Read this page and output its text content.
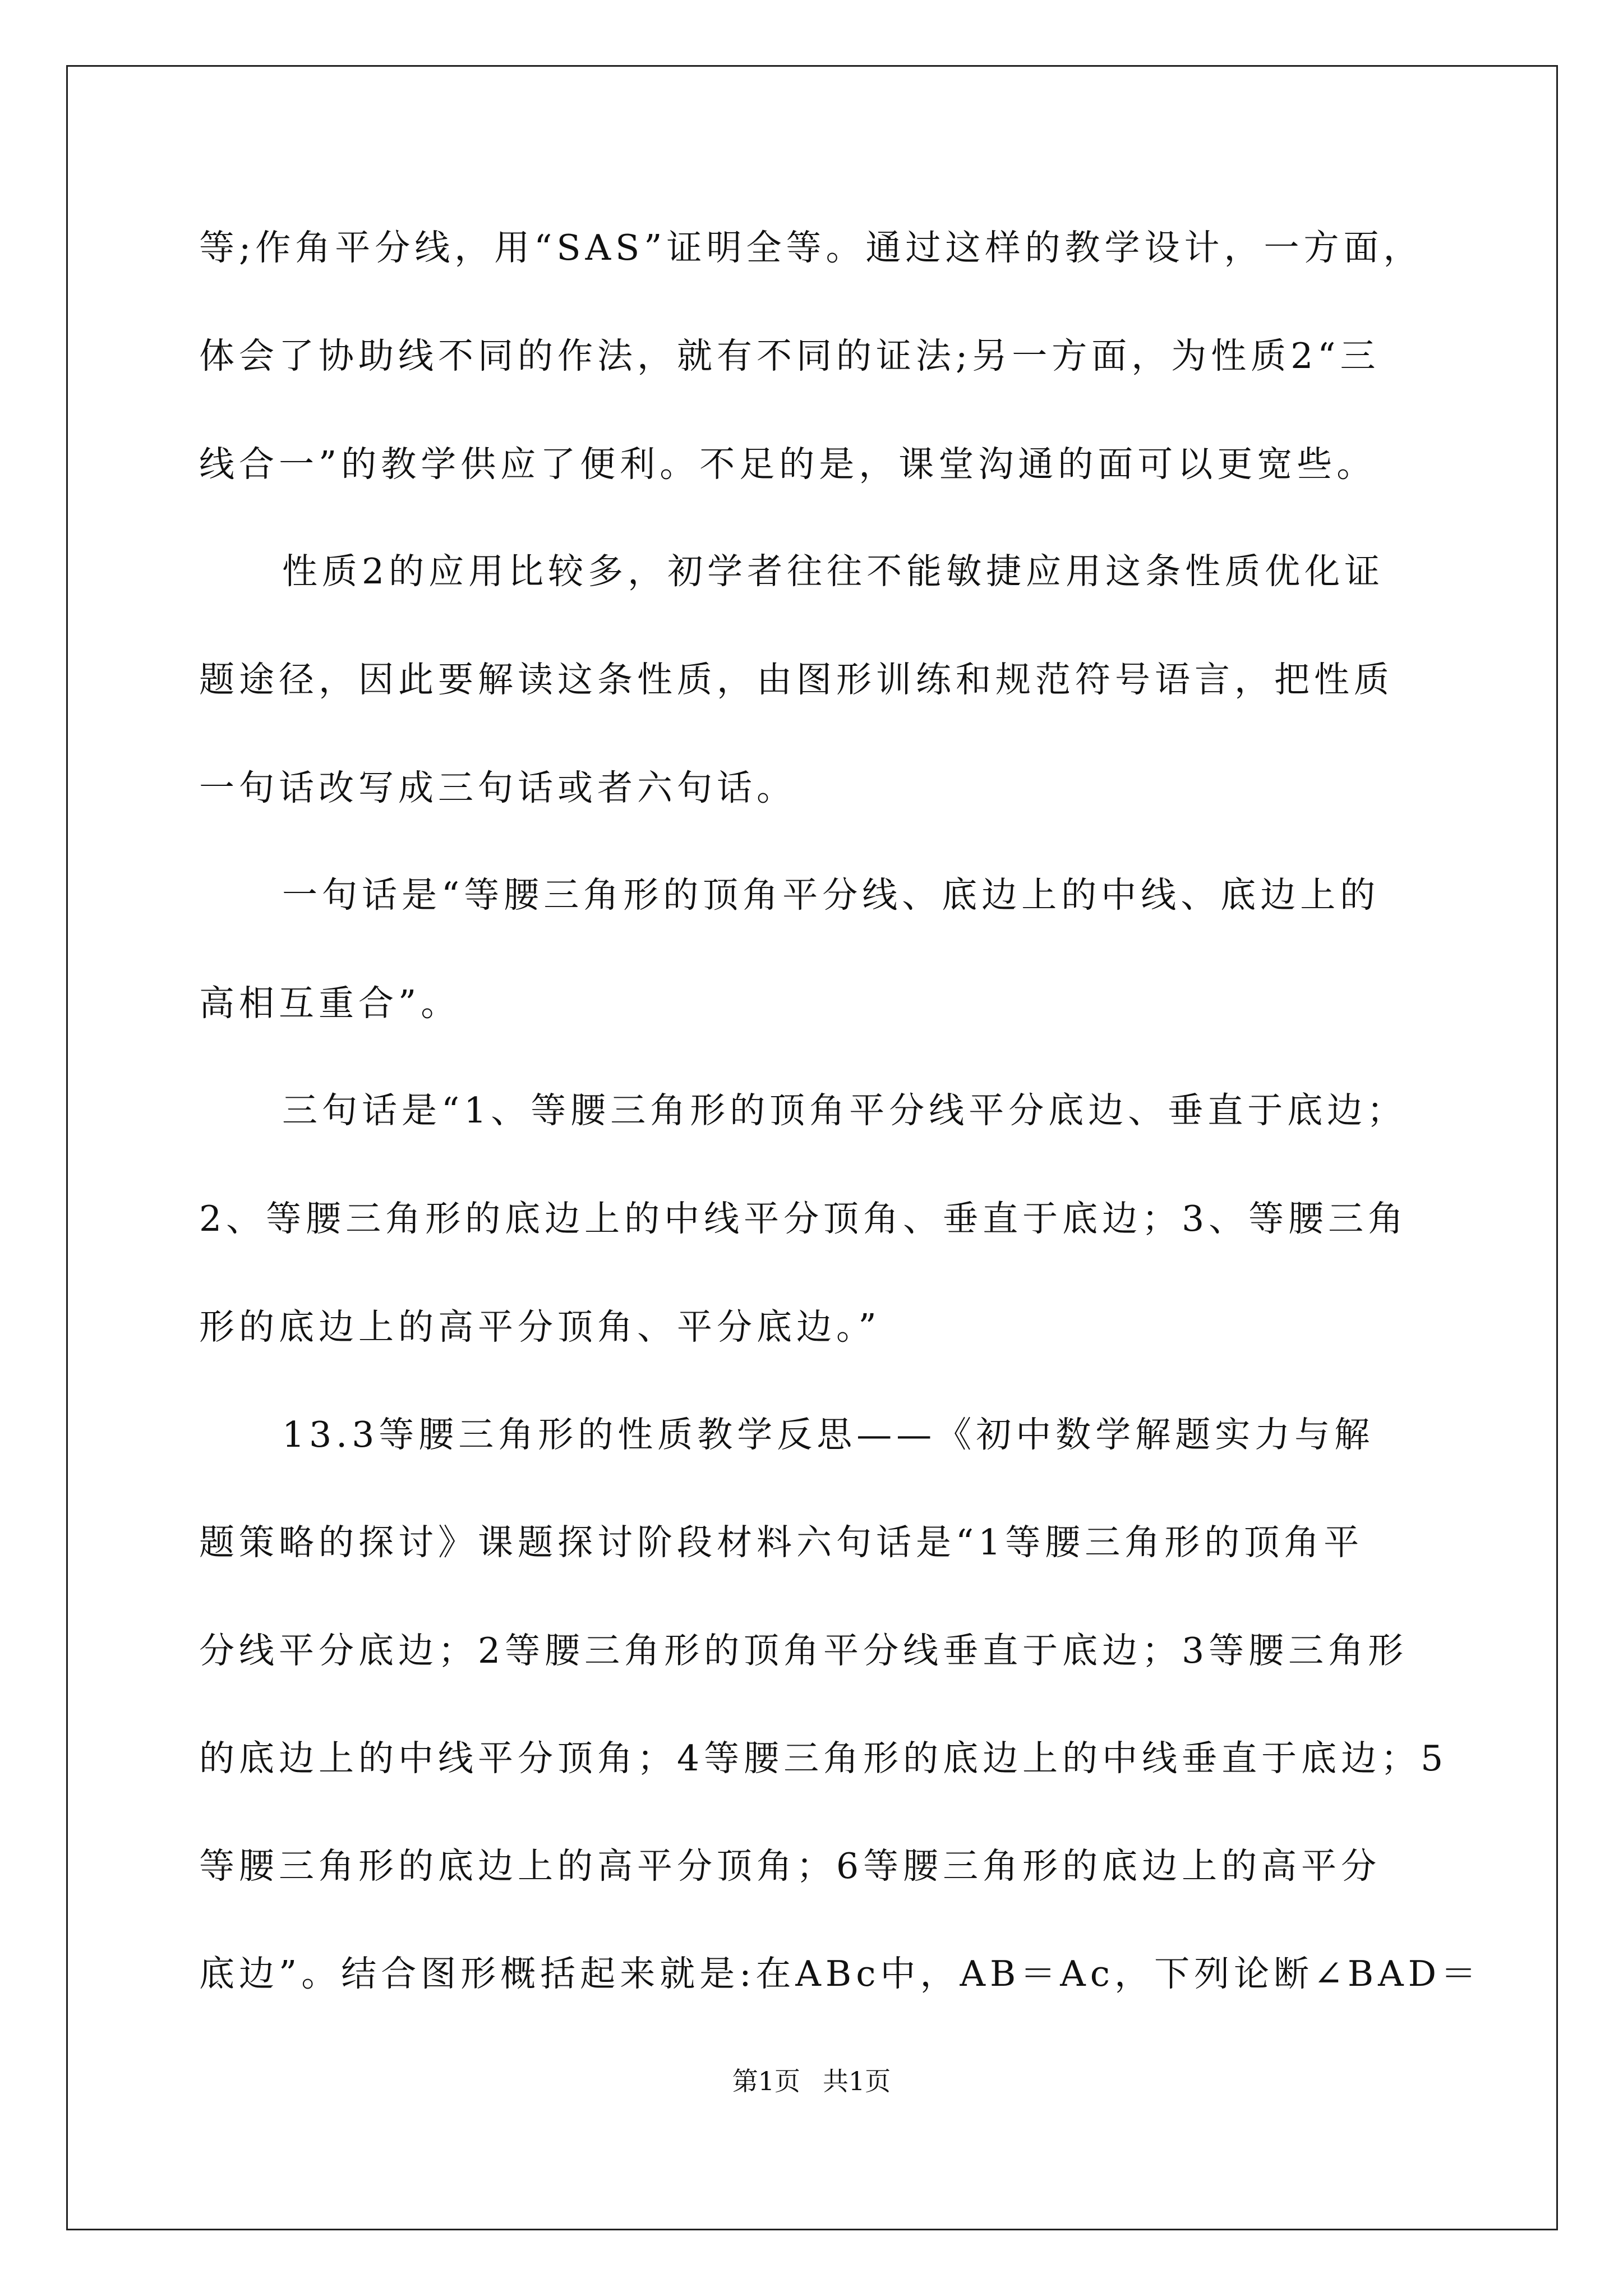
等;作角平分线，用“SAS”证明全等。通过这样的教学设计，一方面，
体会了协助线不同的作法，就有不同的证法;另一方面，为性质2“三
线合一”的教学供应了便利。不足的是，课堂沟通的面可以更宽些。
性质2的应用比较多，初学者往往不能敏捷应用这条性质优化证
题途径，因此要解读这条性质，由图形训练和规范符号语言，把性质
一句话改写成三句话或者六句话。
一句话是“等腰三角形的顶角平分线、底边上的中线、底边上的
高相互重合”。
三句话是“1、等腰三角形的顶角平分线平分底边、垂直于底边；
2、等腰三角形的底边上的中线平分顶角、垂直于底边；3、等腰三角
形的底边上的高平分顶角、平分底边。”
13.3等腰三角形的性质教学反思——《初中数学解题实力与解
题策略的探讨》课题探讨阶段材料六句话是“1等腰三角形的顶角平
分线平分底边；2等腰三角形的顶角平分线垂直于底边；3等腰三角形
的底边上的中线平分顶角；4等腰三角形的底边上的中线垂直于底边；5
等腰三角形的底边上的高平分顶角；6等腰三角形的底边上的高平分
底边”。结合图形概括起来就是:在ABc中，AB＝Ac，下列论断∠BAD＝
第1页 共1页
